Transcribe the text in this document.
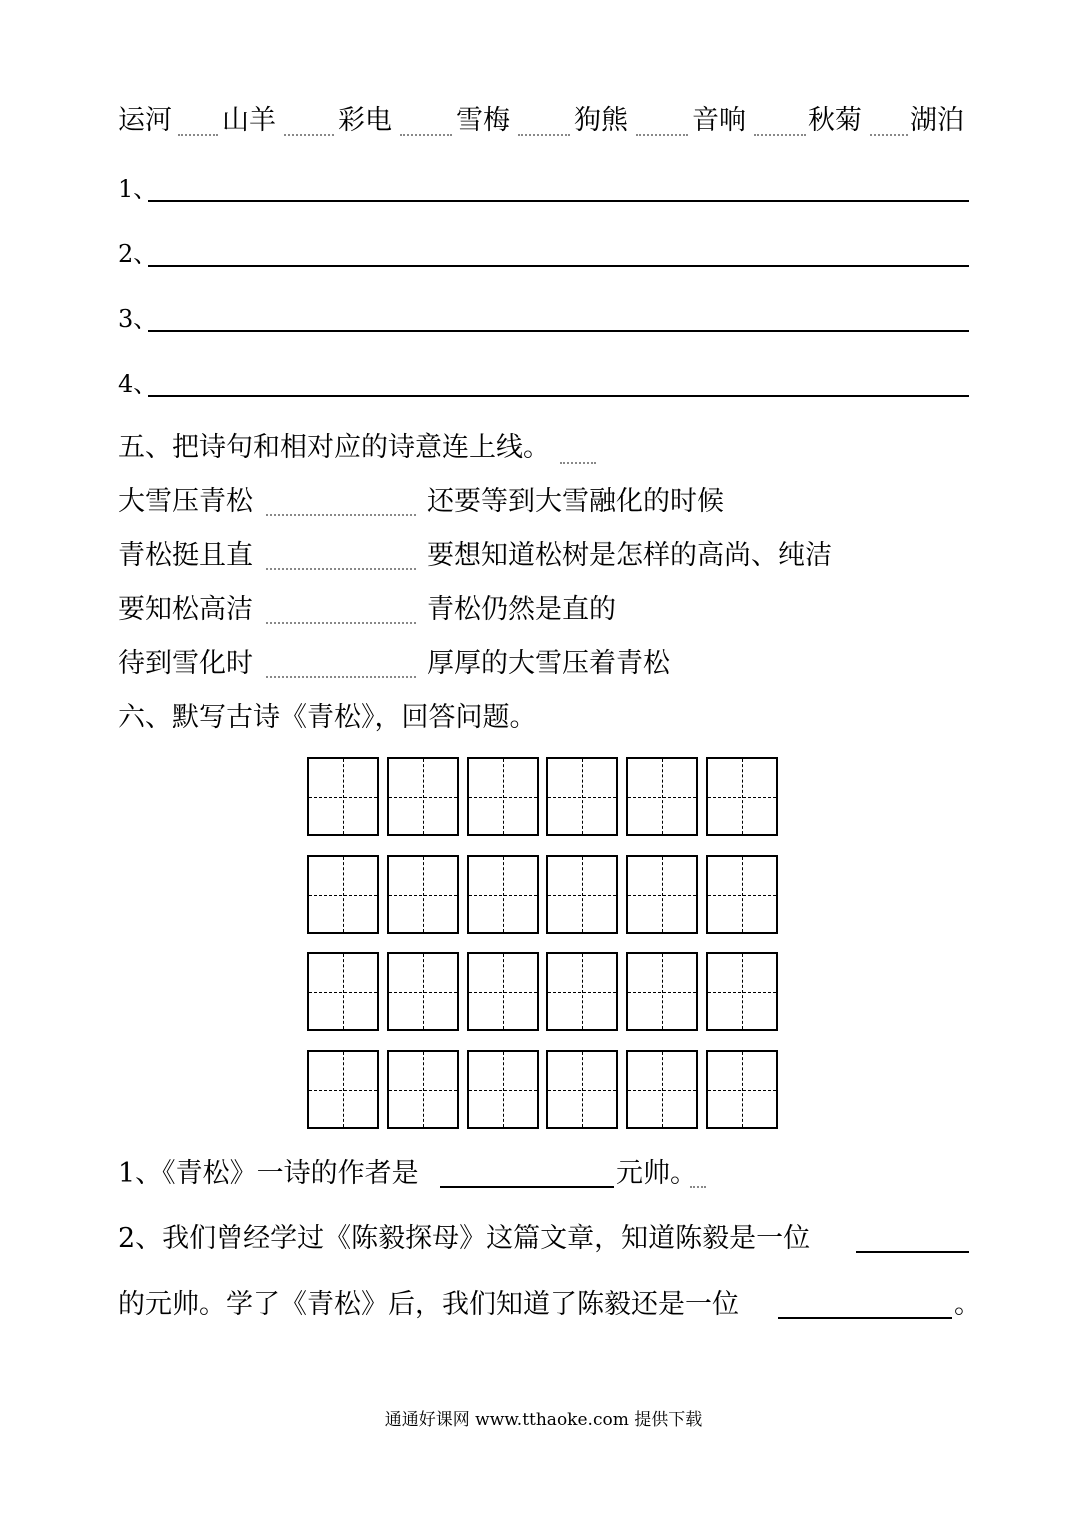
运河 山羊 彩电 雪梅 狗熊 音响 秋菊 湖泊
1、
2、
3、
4、
五、把诗句和相对应的诗意连上线。
大雪压青松	还要等到大雪融化的时候
青松挺且直	要想知道松树是怎样的高尚、纯洁
要知松高洁	青松仍然是直的
待到雪化时	厚厚的大雪压着青松
六、默写古诗《青松》，回答问题。
1、《青松》一诗的作者是	元帅。
2、我们曾经学过《陈毅探母》这篇文章，知道陈毅是一位
的元帅。学了《青松》后，我们知道了陈毅还是一位	。
通通好课网 www.tthaoke.com 提供下载
